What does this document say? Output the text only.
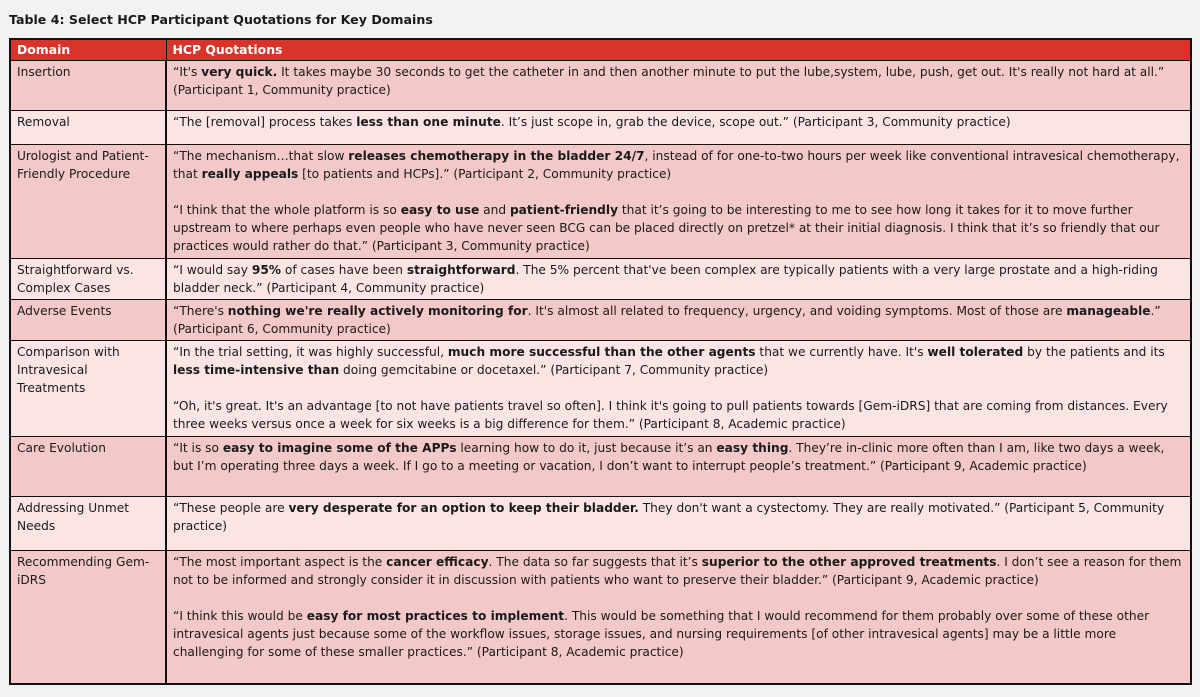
Table 4: Select HCP Participant Quotations for Key Domains
Domain	HCP Quotations
Insertion	“It's very quick. It takes maybe 30 seconds to get the catheter in and then another minute to put the lube,system, lube, push, get out. It's really not hard at all.” (Participant 1, Community practice)

Removal	“The [removal] process takes less than one minute. It’s just scope in, grab the device, scope out.” (Participant 3, Community practice)

Urologist and Patient-Friendly Procedure	“The mechanism…that slow releases chemotherapy in the bladder 24/7, instead of for one-to-two hours per week like conventional intravesical chemotherapy, that really appeals [to patients and HCPs].” (Participant 2, Community practice)

“I think that the whole platform is so easy to use and patient-friendly that it’s going to be interesting to me to see how long it takes for it to move further upstream to where perhaps even people who have never seen BCG can be placed directly on pretzel* at their initial diagnosis. I think that it’s so friendly that our practices would rather do that.” (Participant 3, Community practice)

Straightforward vs. Complex Cases	“I would say 95% of cases have been straightforward. The 5% percent that've been complex are typically patients with a very large prostate and a high-riding bladder neck.” (Participant 4, Community practice)

Adverse Events	“There's nothing we're really actively monitoring for. It's almost all related to frequency, urgency, and voiding symptoms. Most of those are manageable.” (Participant 6, Community practice)

Comparison with Intravesical Treatments	“In the trial setting, it was highly successful, much more successful than the other agents that we currently have. It's well tolerated by the patients and its less time-intensive than doing gemcitabine or docetaxel.” (Participant 7, Community practice)

“Oh, it's great. It's an advantage [to not have patients travel so often]. I think it's going to pull patients towards [Gem-iDRS] that are coming from distances. Every three weeks versus once a week for six weeks is a big difference for them.” (Participant 8, Academic practice)

Care Evolution	“It is so easy to imagine some of the APPs learning how to do it, just because it’s an easy thing. They’re in-clinic more often than I am, like two days a week, but I’m operating three days a week. If I go to a meeting or vacation, I don’t want to interrupt people’s treatment.” (Participant 9, Academic practice)

Addressing Unmet Needs	“These people are very desperate for an option to keep their bladder. They don't want a cystectomy. They are really motivated.” (Participant 5, Community practice)

Recommending Gem-iDRS	“The most important aspect is the cancer efficacy. The data so far suggests that it’s superior to the other approved treatments. I don’t see a reason for them not to be informed and strongly consider it in discussion with patients who want to preserve their bladder.” (Participant 9, Academic practice)

“I think this would be easy for most practices to implement. This would be something that I would recommend for them probably over some of these other intravesical agents just because some of the workflow issues, storage issues, and nursing requirements [of other intravesical agents] may be a little more challenging for some of these smaller practices.” (Participant 8, Academic practice)
